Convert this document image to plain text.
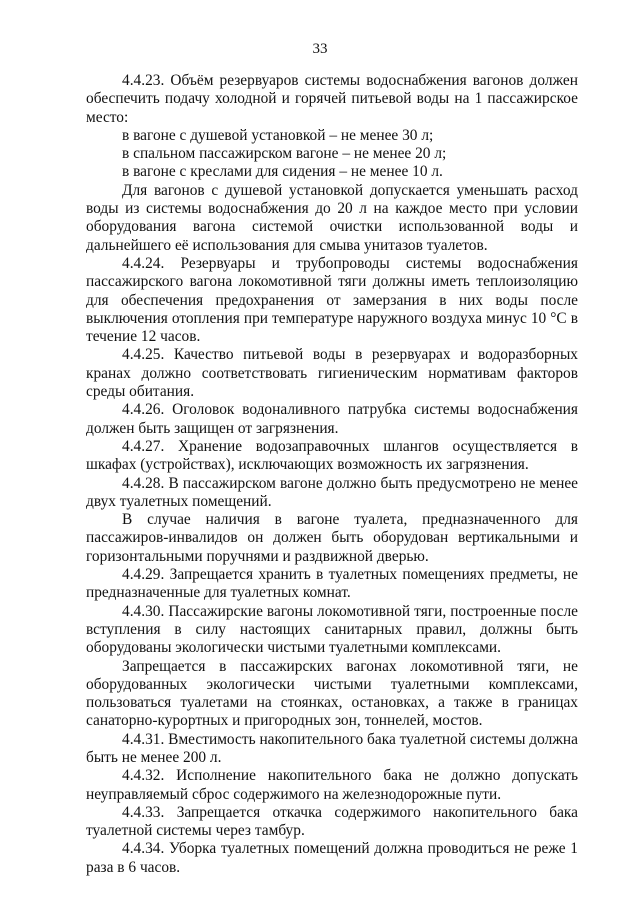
33

4.4.23. Объём резервуаров системы водоснабжения вагонов должен обеспечить подачу холодной и горячей питьевой воды на 1 пассажирское место:

в вагоне с душевой установкой – не менее 30 л;

в спальном пассажирском вагоне – не менее 20 л;

в вагоне с креслами для сидения – не менее 10 л.

Для вагонов с душевой установкой допускается уменьшать расход воды из системы водоснабжения до 20 л на каждое место при условии оборудования вагона системой очистки использованной воды и дальнейшего её использования для смыва унитазов туалетов.

4.4.24. Резервуары и трубопроводы системы водоснабжения пассажирского вагона локомотивной тяги должны иметь теплоизоляцию для обеспечения предохранения от замерзания в них воды после выключения отопления при температуре наружного воздуха минус 10 °С в течение 12 часов.

4.4.25. Качество питьевой воды в резервуарах и водоразборных кранах должно соответствовать гигиеническим нормативам факторов среды обитания.

4.4.26. Оголовок водоналивного патрубка системы водоснабжения должен быть защищен от загрязнения.

4.4.27. Хранение водозаправочных шлангов осуществляется в шкафах (устройствах), исключающих возможность их загрязнения.

4.4.28. В пассажирском вагоне должно быть предусмотрено не менее двух туалетных помещений.

В случае наличия в вагоне туалета, предназначенного для пассажиров-инвалидов он должен быть оборудован вертикальными и горизонтальными поручнями и раздвижной дверью.

4.4.29. Запрещается хранить в туалетных помещениях предметы, не предназначенные для туалетных комнат.

4.4.30. Пассажирские вагоны локомотивной тяги, построенные после вступления в силу настоящих санитарных правил, должны быть оборудованы экологически чистыми туалетными комплексами.

Запрещается в пассажирских вагонах локомотивной тяги, не оборудованных экологически чистыми туалетными комплексами, пользоваться туалетами на стоянках, остановках, а также в границах санаторно-курортных и пригородных зон, тоннелей, мостов.

4.4.31. Вместимость накопительного бака туалетной системы должна быть не менее 200 л.

4.4.32. Исполнение накопительного бака не должно допускать неуправляемый сброс содержимого на железнодорожные пути.

4.4.33. Запрещается откачка содержимого накопительного бака туалетной системы через тамбур.

4.4.34. Уборка туалетных помещений должна проводиться не реже 1 раза в 6 часов.
